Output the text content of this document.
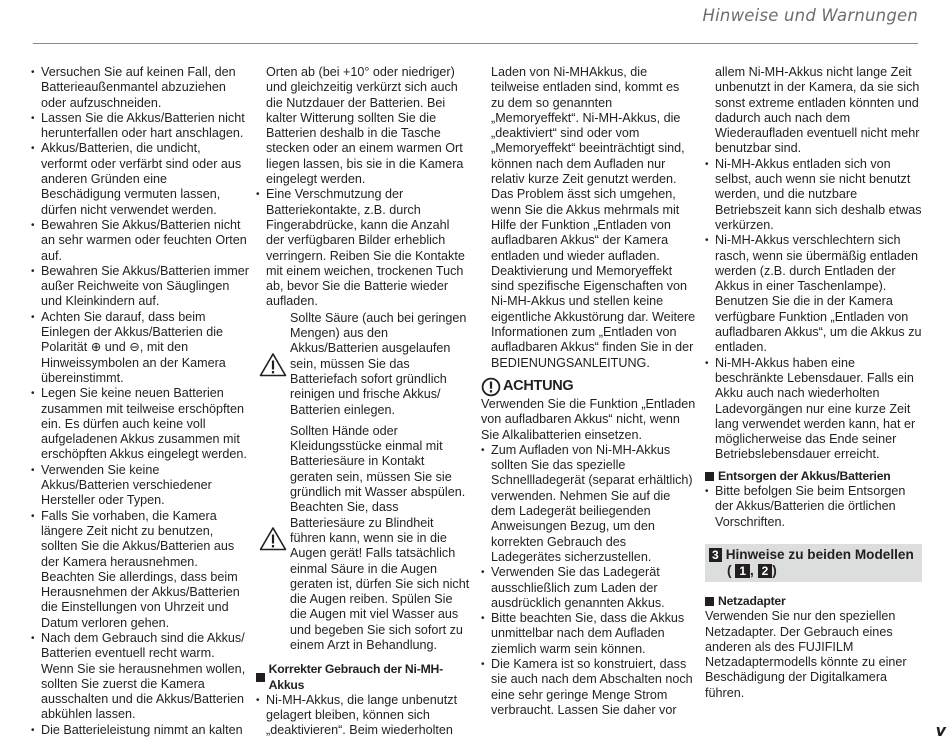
Hinweise und Warnungen
• Versuchen Sie auf keinen Fall, den Batterieaußenmantel abzuziehen oder aufzuschneiden.
• Lassen Sie die Akkus/Batterien nicht herunterfallen oder hart anschlagen.
• Akkus/Batterien, die undicht, verformt oder verfärbt sind oder aus anderen Gründen eine Beschädigung vermuten lassen, dürfen nicht verwendet werden.
• Bewahren Sie Akkus/Batterien nicht an sehr warmen oder feuchten Orten auf.
• Bewahren Sie Akkus/Batterien immer außer Reichweite von Säuglingen und Kleinkindern auf.
• Achten Sie darauf, dass beim Einlegen der Akkus/Batterien die Polarität ⊕ und ⊖, mit den Hinweissymbolen an der Kamera übereinstimmt.
• Legen Sie keine neuen Batterien zusammen mit teilweise erschöpften ein. Es dürfen auch keine voll aufgeladenen Akkus zusammen mit erschöpften Akkus eingelegt werden.
• Verwenden Sie keine Akkus/Batterien verschiedener Hersteller oder Typen.
• Falls Sie vorhaben, die Kamera längere Zeit nicht zu benutzen, sollten Sie die Akkus/Batterien aus der Kamera herausnehmen. Beachten Sie allerdings, dass beim Herausnehmen der Akkus/Batterien die Einstellungen von Uhrzeit und Datum verloren gehen.
• Nach dem Gebrauch sind die Akkus/ Batterien eventuell recht warm. Wenn Sie sie herausnehmen wollen, sollten Sie zuerst die Kamera ausschalten und die Akkus/Batterien abkühlen lassen.
• Die Batterieleistung nimmt an kalten

Orten ab (bei +10° oder niedriger) und gleichzeitig verkürzt sich auch die Nutzdauer der Batterien. Bei kalter Witterung sollten Sie die Batterien deshalb in die Tasche stecken oder an einem warmen Ort liegen lassen, bis sie in die Kamera eingelegt werden.

• Eine Verschmutzung der Batteriekontakte, z.B. durch Fingerabdrücke, kann die Anzahl der verfügbaren Bilder erheblich verringern. Reiben Sie die Kontakte mit einem weichen, trockenen Tuch ab, bevor Sie die Batterie wieder aufladen.
Sollte Säure (auch bei geringen Mengen) aus den Akkus/Batterien ausgelaufen sein, müssen Sie das Batteriefach sofort gründlich reinigen und frische Akkus/ Batterien einlegen.
Sollten Hände oder Kleidungsstücke einmal mit Batteriesäure in Kontakt geraten sein, müssen Sie sie gründlich mit Wasser abspülen. Beachten Sie, dass Batteriesäure zu Blindheit führen kann, wenn sie in die Augen gerät! Falls tatsächlich einmal Säure in die Augen geraten ist, dürfen Sie sich nicht die Augen reiben. Spülen Sie die Augen mit viel Wasser aus und begeben Sie sich sofort zu einem Arzt in Behandlung.
Korrekter Gebrauch der Ni-MH-Akkus
• Ni-MH-Akkus, die lange unbenutzt gelagert bleiben, können sich „deaktivieren“. Beim wiederholten

Laden von Ni-MHAkkus, die teilweise entladen sind, kommt es zu dem so genannten „Memoryeffekt“. Ni-MH-Akkus, die „deaktiviert“ sind oder vom „Memoryeffekt“ beeinträchtigt sind, können nach dem Aufladen nur relativ kurze Zeit genutzt werden. Das Problem ässt sich umgehen, wenn Sie die Akkus mehrmals mit Hilfe der Funktion „Entladen von aufladbaren Akkus“ der Kamera entladen und wieder aufladen.

Deaktivierung und Memoryeffekt sind spezifische Eigenschaften von Ni-MH-Akkus und stellen keine eigentliche Akkustörung dar. Weitere Informationen zum „Entladen von aufladbaren Akkus“ finden Sie in der BEDIENUNGSANLEITUNG.

ACHTUNG

Verwenden Sie die Funktion „Entladen von aufladbaren Akkus“ nicht, wenn Sie Alkalibatterien einsetzen.

• Zum Aufladen von Ni-MH-Akkus sollten Sie das spezielle Schnellladegerät (separat erhältlich) verwenden. Nehmen Sie auf die dem Ladegerät beiliegenden Anweisungen Bezug, um den korrekten Gebrauch des Ladegerätes sicherzustellen.
• Verwenden Sie das Ladegerät ausschließlich zum Laden der ausdrücklich genannten Akkus.
• Bitte beachten Sie, dass die Akkus unmittelbar nach dem Aufladen ziemlich warm sein können.
• Die Kamera ist so konstruiert, dass sie auch nach dem Abschalten noch eine sehr geringe Menge Strom verbraucht. Lassen Sie daher vor

allem Ni-MH-Akkus nicht lange Zeit unbenutzt in der Kamera, da sie sich sonst extreme entladen könnten und dadurch auch nach dem Wiederaufladen eventuell nicht mehr benutzbar sind.

• Ni-MH-Akkus entladen sich von selbst, auch wenn sie nicht benutzt werden, und die nutzbare Betriebszeit kann sich deshalb etwas verkürzen.
• Ni-MH-Akkus verschlechtern sich rasch, wenn sie übermäßig entladen werden (z.B. durch Entladen der Akkus in einer Taschenlampe). Benutzen Sie die in der Kamera verfügbare Funktion „Entladen von aufladbaren Akkus“, um die Akkus zu entladen.
• Ni-MH-Akkus haben eine beschränkte Lebensdauer. Falls ein Akku auch nach wiederholten Ladevorgängen nur eine kurze Zeit lang verwendet werden kann, hat er möglicherweise das Ende seiner Betriebslebensdauer erreicht.
Entsorgen der Akkus/Batterien
• Bitte befolgen Sie beim Entsorgen der Akkus/Batterien die örtlichen Vorschriften.
3 Hinweise zu beiden Modellen
( 1 , 2 )
Netzadapter

Verwenden Sie nur den speziellen Netzadapter. Der Gebrauch eines anderen als des FUJIFILM Netzadaptermodells könnte zu einer Beschädigung der Digitalkamera führen.

v
